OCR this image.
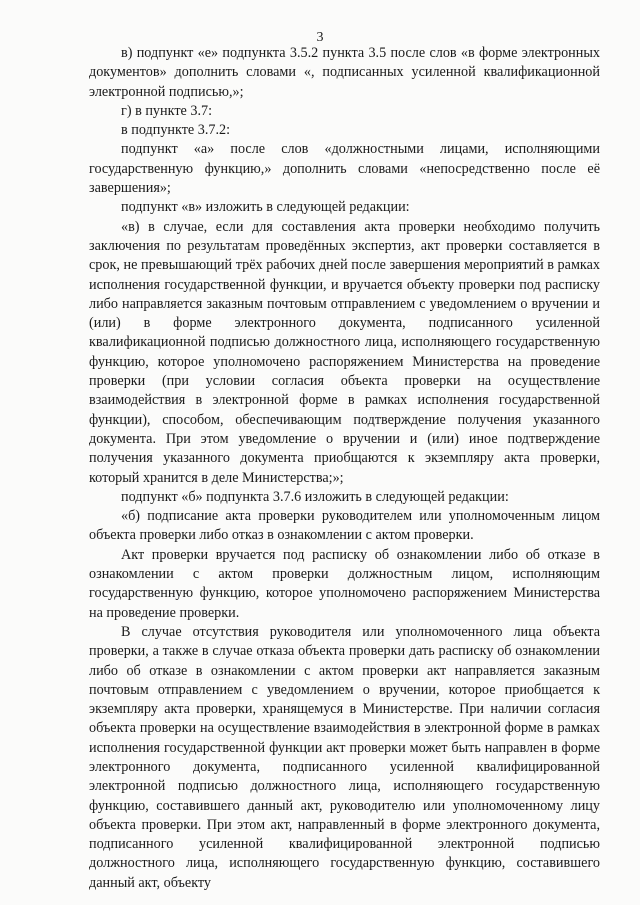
3

в) подпункт «е» подпункта 3.5.2 пункта 3.5 после слов «в форме электронных документов» дополнить словами «, подписанных усиленной квалификационной электронной подписью,»;

г) в пункте 3.7:

в подпункте 3.7.2:

подпункт «а» после слов «должностными лицами, исполняющими государственную функцию,» дополнить словами «непосредственно после её завершения»;

подпункт «в» изложить в следующей редакции:

«в) в случае, если для составления акта проверки необходимо получить заключения по результатам проведённых экспертиз, акт проверки составляется в срок, не превышающий трёх рабочих дней после завершения мероприятий в рамках исполнения государственной функции, и вручается объекту проверки под расписку либо направляется заказным почтовым отправлением с уведомлением о вручении и (или) в форме электронного документа, подписанного усиленной квалификационной подписью должностного лица, исполняющего государственную функцию, которое уполномочено распоряжением Министерства на проведение проверки (при условии согласия объекта проверки на осуществление взаимодействия в электронной форме в рамках исполнения государственной функции), способом, обеспечивающим подтверждение получения указанного документа. При этом уведомление о вручении и (или) иное подтверждение получения указанного документа приобщаются к экземпляру акта проверки, который хранится в деле Министерства;»;

подпункт «б» подпункта 3.7.6 изложить в следующей редакции:

«б) подписание акта проверки руководителем или уполномоченным лицом объекта проверки либо отказ в ознакомлении с актом проверки.

Акт проверки вручается под расписку об ознакомлении либо об отказе в ознакомлении с актом проверки должностным лицом, исполняющим государственную функцию, которое уполномочено распоряжением Министерства на проведение проверки.

В случае отсутствия руководителя или уполномоченного лица объекта проверки, а также в случае отказа объекта проверки дать расписку об ознакомлении либо об отказе в ознакомлении с актом проверки акт направляется заказным почтовым отправлением с уведомлением о вручении, которое приобщается к экземпляру акта проверки, хранящемуся в Министерстве. При наличии согласия объекта проверки на осуществление взаимодействия в электронной форме в рамках исполнения государственной функции акт проверки может быть направлен в форме электронного документа, подписанного усиленной квалифицированной электронной подписью должностного лица, исполняющего государственную функцию, составившего данный акт, руководителю или уполномоченному лицу объекта проверки. При этом акт, направленный в форме электронного документа, подписанного усиленной квалифицированной электронной подписью должностного лица, исполняющего государственную функцию, составившего данный акт, объекту
